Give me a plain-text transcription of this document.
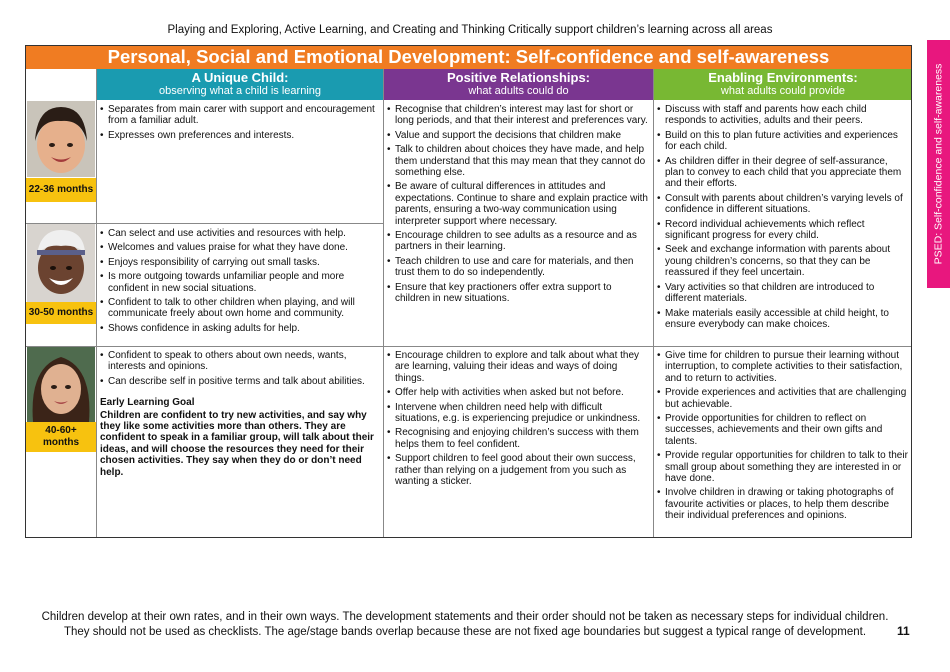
Playing and Exploring, Active Learning, and Creating and Thinking Critically support children’s learning across all areas
Personal, Social and Emotional Development: Self-confidence and self-awareness
PSED: Self-confidence and self-awareness
A Unique Child:
observing what a child is learning
Positive Relationships:
what adults could do
Enabling Environments:
what adults could provide
22-36 months
30-50 months
40-60+ months
• Separates from main carer with support and encouragement from a familiar adult.
• Expresses own preferences and interests.
• Can select and use activities and resources with help.
• Welcomes and values praise for what they have done.
• Enjoys responsibility of carrying out small tasks.
• Is more outgoing towards unfamiliar people and more confident in new social situations.
• Confident to talk to other children when playing, and will communicate freely about own home and community.
• Shows confidence in asking adults for help.
• Confident to speak to others about own needs, wants, interests and opinions.
• Can describe self in positive terms and talk about abilities.
Early Learning Goal
Children are confident to try new activities, and say why they like some activities more than others. They are confident to speak in a familiar group, will talk about their ideas, and will choose the resources they need for their chosen activities. They say when they do or don’t need help.
• Recognise that children’s interest may last for short or long periods, and that their interest and preferences vary.
• Value and support the decisions that children make
• Talk to children about choices they have made, and help them understand that this may mean that they cannot do something else.
• Be aware of cultural differences in attitudes and expectations. Continue to share and explain practice with parents, ensuring a two-way communication using interpreter support where necessary.
• Encourage children to see adults as a resource and as partners in their learning.
• Teach children to use and care for materials, and then trust them to do so independently.
• Ensure that key practioners offer extra support to children in new situations.
• Encourage children to explore and talk about what they are learning, valuing their ideas and ways of doing things.
• Offer help with activities when asked but not before.
• Intervene when children need help with difficult situations, e.g. is experiencing prejudice or unkindness.
• Recognising and enjoying children’s success with them helps them to feel confident.
• Support children to feel good about their own success, rather than relying on a judgement from you such as wanting a sticker.
• Discuss with staff and parents how each child responds to activities, adults and their peers.
• Build on this to plan future activities and experiences for each child.
• As children differ in their degree of self-assurance, plan to convey to each child that you appreciate them and their efforts.
• Consult with parents about children’s varying levels of confidence in different situations.
• Record individual achievements which reflect significant progress for every child.
• Seek and exchange information with parents about young children’s concerns, so that they can be reassured if they feel uncertain.
• Vary activities so that children are introduced to different materials.
• Make materials easily accessible at child height, to ensure everybody can make choices.
• Give time for children to pursue their learning without interruption, to complete activities to their satisfaction, and to return to activities.
• Provide experiences and activities that are challenging but achievable.
• Provide opportunities for children to reflect on successes, achievements and their own gifts and talents.
• Provide regular opportunities for children to talk to their small group about something they are interested in or have done.
• Involve children in drawing or taking photographs of favourite activities or places, to help them describe their individual preferences and opinions.
Children develop at their own rates, and in their own ways. The development statements and their order should not be taken as necessary steps for individual children.
They should not be used as checklists. The age/stage bands overlap because these are not fixed age boundaries but suggest a typical range of development.	11
